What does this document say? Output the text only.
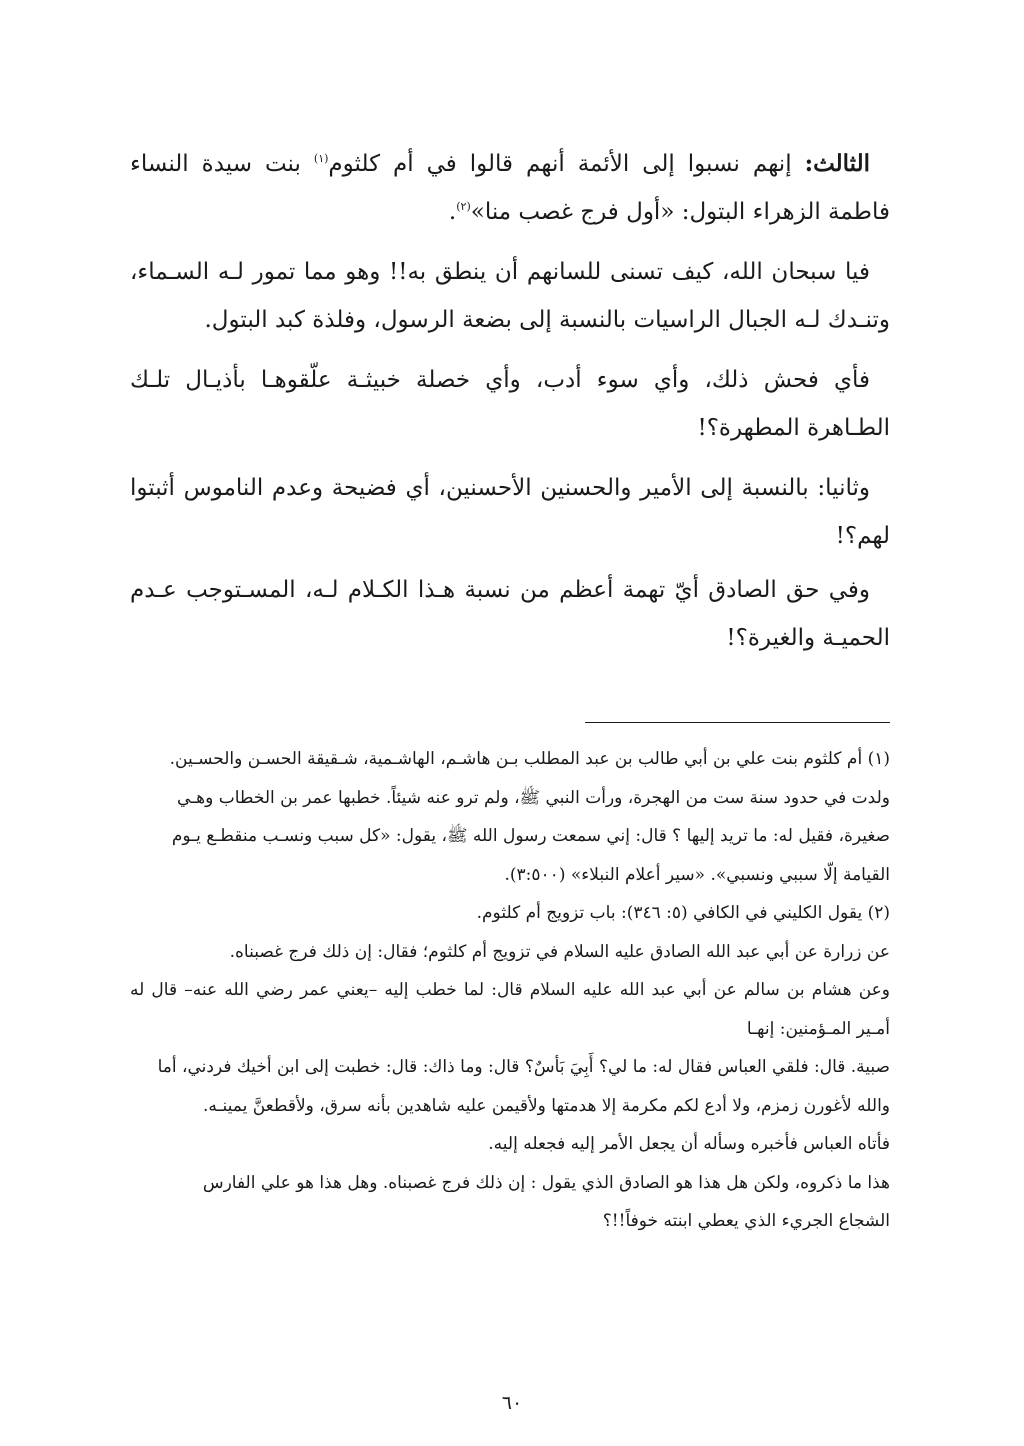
الثالث: إنهم نسبوا إلى الأئمة أنهم قالوا في أم كلثوم$^{(١)}$ بنت سيدة النساء فاطمة الزهراء البتول: «أول فرج غصب منا»$^{(٢)}$.

فيا سبحان الله، كيف تسنى للسانهم أن ينطق به!! وهو مما تمور لـه السـماء، وتنـدك لـه الجبال الراسيات بالنسبة إلى بضعة الرسول، وفلذة كبد البتول.

فأي فحش ذلك، وأي سوء أدب، وأي خصلة خبيثـة علّقوهـا بأذيـال تلـك الطـاهرة المطهرة؟!

وثانيا: بالنسبة إلى الأمير والحسنين الأحسنين، أي فضيحة وعدم الناموس أثبتوا لهم؟!

وفي حق الصادق أيّ تهمة أعظم من نسبة هـذا الكـلام لـه، المسـتوجب عـدم الحميـة والغيرة؟!

(١) أم كلثوم بنت علي بن أبي طالب بن عبد المطلب بـن هاشـم، الهاشـمية، شـقيقة الحسـن والحسـين.

ولدت في حدود سنة ست من الهجرة، ورأت النبي ﷺ، ولم ترو عنه شيئاً. خطبها عمر بن الخطاب وهـي

صغيرة، فقيل له: ما تريد إليها ؟ قال: إني سمعت رسول الله ﷺ، يقول: «كل سبب ونسـب منقطـع يـوم

القيامة إلّا سببي ونسبي». «سير أعلام النبلاء» (٣:٥٠٠).

(٢) يقول الكليني في الكافي (٥: ٣٤٦): باب تزويج أم كلثوم.

عن زرارة عن أبي عبد الله الصادق عليه السلام في تزويج أم كلثوم؛ فقال: إن ذلك فرج غصبناه.

وعن هشام بن سالم عن أبي عبد الله عليه السلام قال: لما خطب إليه –يعني عمر رضي الله عنه– قال له أمـير المـؤمنين: إنهـا

صبية. قال: فلقي العباس فقال له: ما لي؟ أَبِيَ بَأسٌ؟ قال: وما ذاك: قال: خطبت إلى ابن أخيك فردني، أما

والله لأغورن زمزم، ولا أدع لكم مكرمة إلا هدمتها ولأقيمن عليه شاهدين بأنه سرق، ولأقطعنَّ يمينـه.

فأتاه العباس فأخبره وسأله أن يجعل الأمر إليه فجعله إليه.

هذا ما ذكروه، ولكن هل هذا هو الصادق الذي يقول : إن ذلك فرج غصبناه. وهل هذا هو علي الفارس

الشجاع الجريء الذي يعطي ابنته خوفاً!!؟

٦٠
